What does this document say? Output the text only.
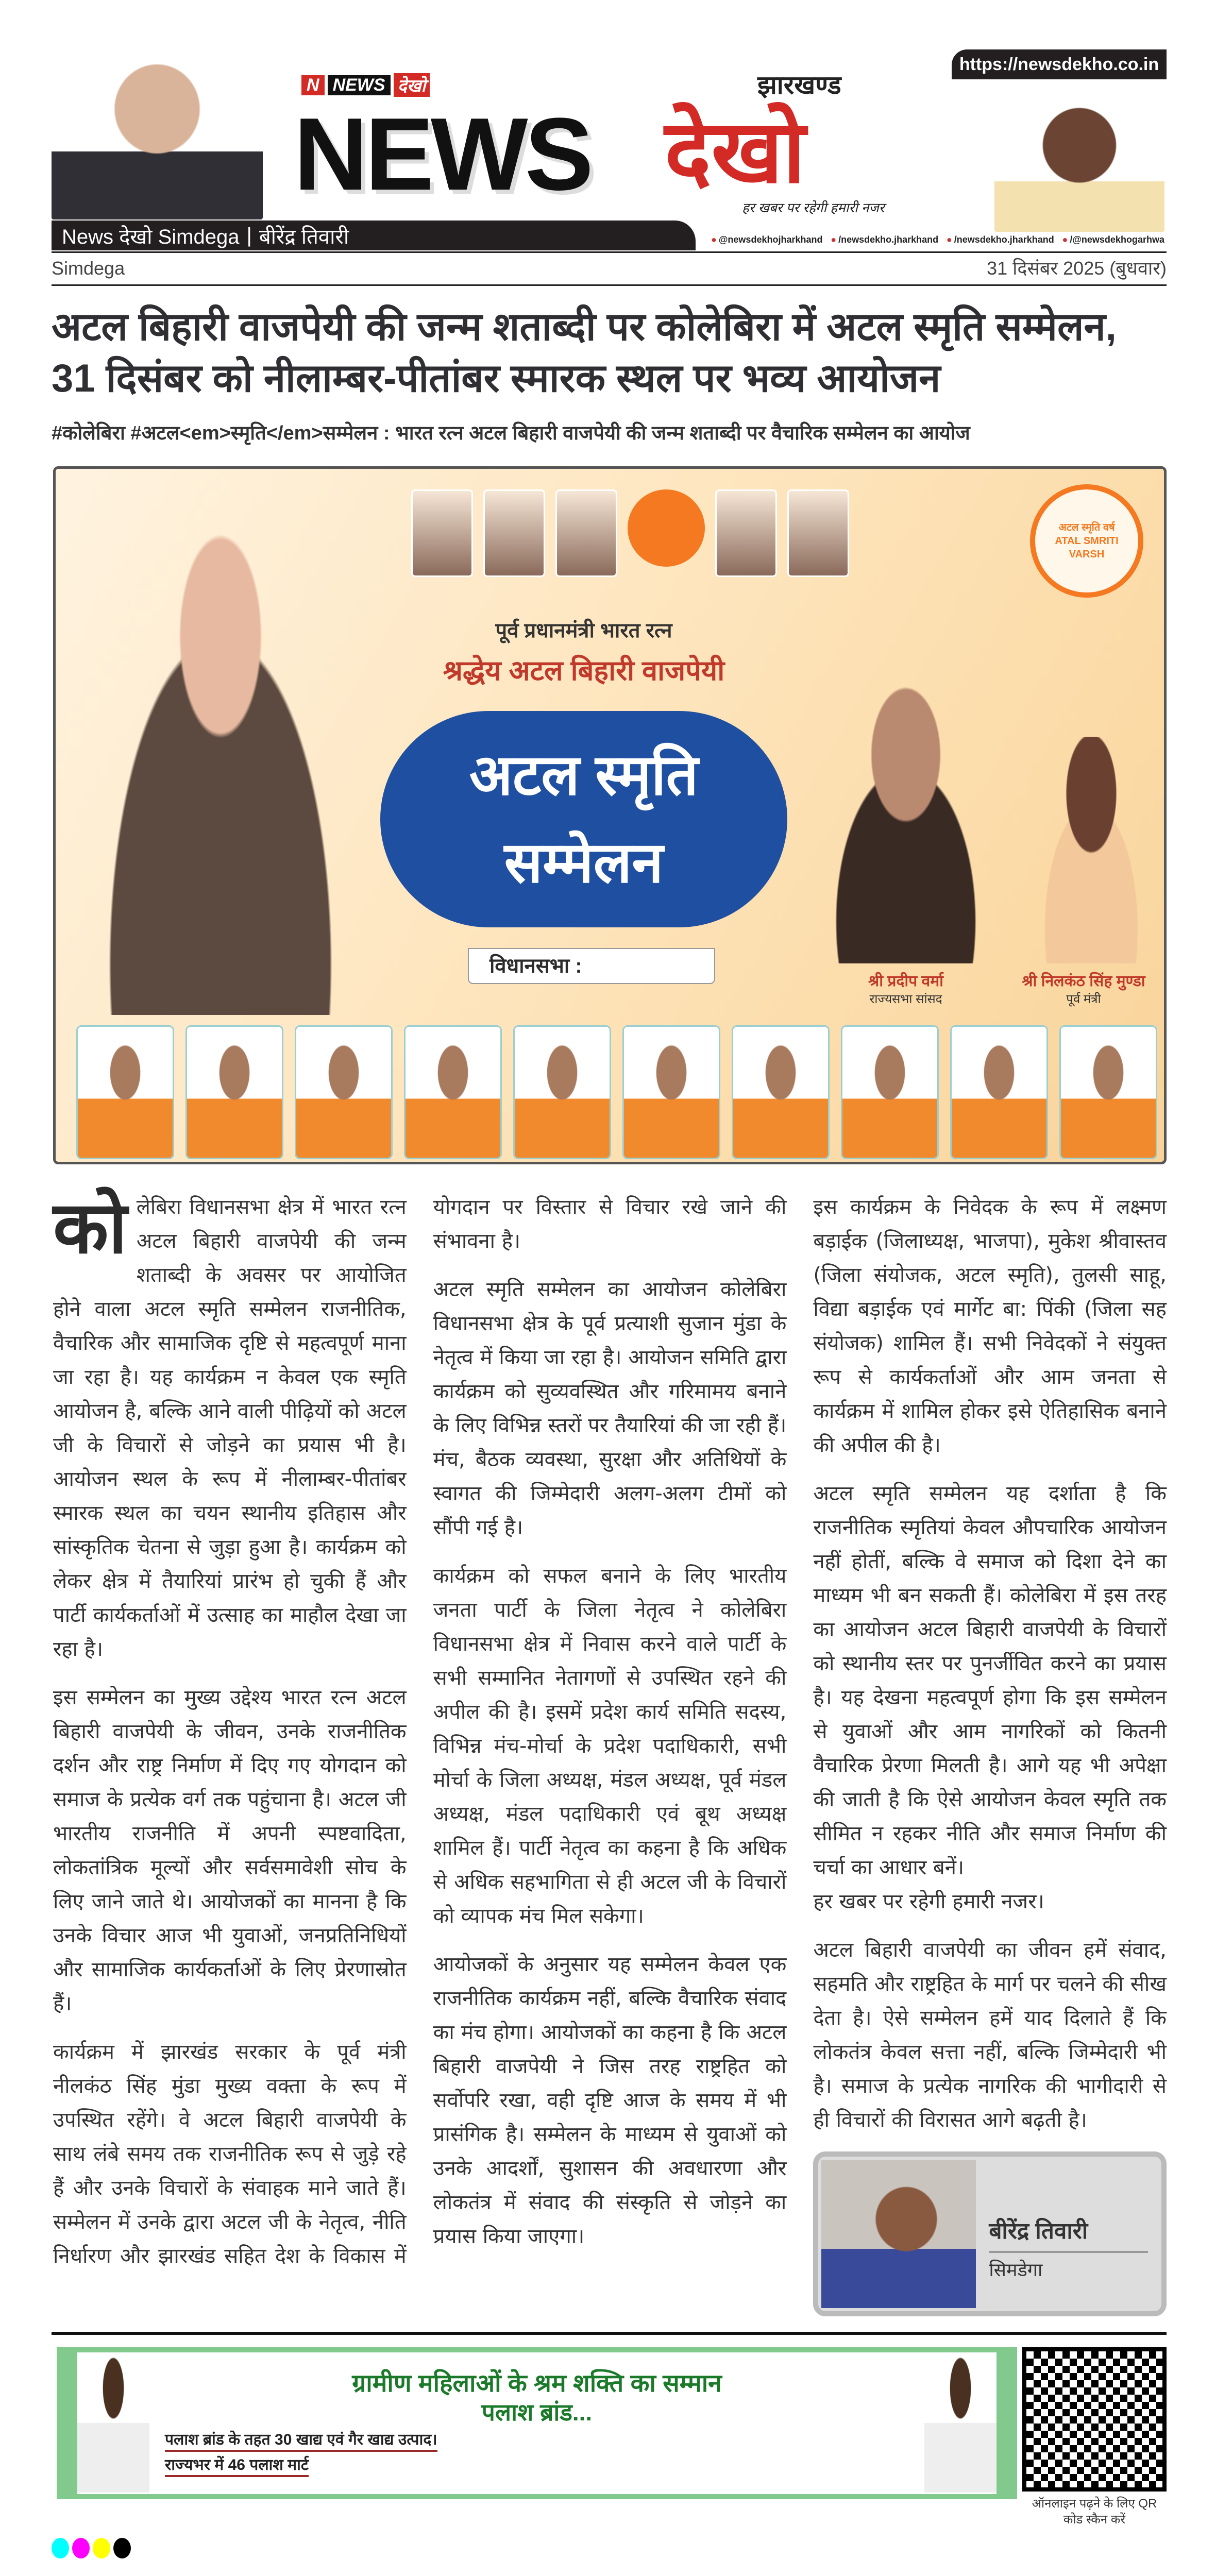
https://newsdekho.co.in
N NEWS देखो
NEWS देखो
झारखण्ड
हर खबर पर रहेगी हमारी नजर
News देखो Simdega | बीरेंद्र तिवारी	● @newsdekhojharkhand	● /newsdekho.jharkhand	● /newsdekho.jharkhand	● /@newsdekhogarhwa
Simdega	31 दिसंबर 2025 (बुधवार)
अटल बिहारी वाजपेयी की जन्म शताब्दी पर कोलेबिरा में अटल स्मृति सम्मेलन, 31 दिसंबर को नीलाम्बर-पीतांबर स्मारक स्थल पर भव्य आयोजन
#कोलेबिरा #अटल<em>स्मृति</em>सम्मेलन : भारत रत्न अटल बिहारी वाजपेयी की जन्म शताब्दी पर वैचारिक सम्मेलन का आयोज
अटल स्मृति वर्ष
ATAL SMRITI VARSH
पूर्व प्रधानमंत्री भारत रत्न
श्रद्धेय अटल बिहारी वाजपेयी
अटल स्मृति
सम्मेलन
विधानसभा :
श्री प्रदीप वर्मा
राज्यसभा सांसद
श्री निलकंठ सिंह मुण्डा
पूर्व मंत्री

कोलेबिरा विधानसभा क्षेत्र में भारत रत्न अटल बिहारी वाजपेयी की जन्म शताब्दी के अवसर पर आयोजित होने वाला अटल स्मृति सम्मेलन राजनीतिक, वैचारिक और सामाजिक दृष्टि से महत्वपूर्ण माना जा रहा है। यह कार्यक्रम न केवल एक स्मृति आयोजन है, बल्कि आने वाली पीढ़ियों को अटल जी के विचारों से जोड़ने का प्रयास भी है। आयोजन स्थल के रूप में नीलाम्बर-पीतांबर स्मारक स्थल का चयन स्थानीय इतिहास और सांस्कृतिक चेतना से जुड़ा हुआ है। कार्यक्रम को लेकर क्षेत्र में तैयारियां प्रारंभ हो चुकी हैं और पार्टी कार्यकर्ताओं में उत्साह का माहौल देखा जा रहा है।

इस सम्मेलन का मुख्य उद्देश्य भारत रत्न अटल बिहारी वाजपेयी के जीवन, उनके राजनीतिक दर्शन और राष्ट्र निर्माण में दिए गए योगदान को समाज के प्रत्येक वर्ग तक पहुंचाना है। अटल जी भारतीय राजनीति में अपनी स्पष्टवादिता, लोकतांत्रिक मूल्यों और सर्वसमावेशी सोच के लिए जाने जाते थे। आयोजकों का मानना है कि उनके विचार आज भी युवाओं, जनप्रतिनिधियों और सामाजिक कार्यकर्ताओं के लिए प्रेरणास्रोत हैं।

कार्यक्रम में झारखंड सरकार के पूर्व मंत्री नीलकंठ सिंह मुंडा मुख्य वक्ता के रूप में उपस्थित रहेंगे। वे अटल बिहारी वाजपेयी के साथ लंबे समय तक राजनीतिक रूप से जुड़े रहे हैं और उनके विचारों के संवाहक माने जाते हैं। सम्मेलन में उनके द्वारा अटल जी के नेतृत्व, नीति निर्धारण और झारखंड सहित देश के विकास में योगदान पर विस्तार से विचार रखे जाने की संभावना है।

अटल स्मृति सम्मेलन का आयोजन कोलेबिरा विधानसभा क्षेत्र के पूर्व प्रत्याशी सुजान मुंडा के नेतृत्व में किया जा रहा है। आयोजन समिति द्वारा कार्यक्रम को सुव्यवस्थित और गरिमामय बनाने के लिए विभिन्न स्तरों पर तैयारियां की जा रही हैं। मंच, बैठक व्यवस्था, सुरक्षा और अतिथियों के स्वागत की जिम्मेदारी अलग-अलग टीमों को सौंपी गई है।

कार्यक्रम को सफल बनाने के लिए भारतीय जनता पार्टी के जिला नेतृत्व ने कोलेबिरा विधानसभा क्षेत्र में निवास करने वाले पार्टी के सभी सम्मानित नेतागणों से उपस्थित रहने की अपील की है। इसमें प्रदेश कार्य समिति सदस्य, विभिन्न मंच-मोर्चा के प्रदेश पदाधिकारी, सभी मोर्चा के जिला अध्यक्ष, मंडल अध्यक्ष, पूर्व मंडल अध्यक्ष, मंडल पदाधिकारी एवं बूथ अध्यक्ष शामिल हैं। पार्टी नेतृत्व का कहना है कि अधिक से अधिक सहभागिता से ही अटल जी के विचारों को व्यापक मंच मिल सकेगा।

आयोजकों के अनुसार यह सम्मेलन केवल एक राजनीतिक कार्यक्रम नहीं, बल्कि वैचारिक संवाद का मंच होगा। आयोजकों का कहना है कि अटल बिहारी वाजपेयी ने जिस तरह राष्ट्रहित को सर्वोपरि रखा, वही दृष्टि आज के समय में भी प्रासंगिक है। सम्मेलन के माध्यम से युवाओं को उनके आदर्शों, सुशासन की अवधारणा और लोकतंत्र में संवाद की संस्कृति से जोड़ने का प्रयास किया जाएगा।

इस कार्यक्रम के निवेदक के रूप में लक्ष्मण बड़ाईक (जिलाध्यक्ष, भाजपा), मुकेश श्रीवास्तव (जिला संयोजक, अटल स्मृति), तुलसी साहू, विद्या बड़ाईक एवं मार्गेट बा: पिंकी (जिला सह संयोजक) शामिल हैं। सभी निवेदकों ने संयुक्त रूप से कार्यकर्ताओं और आम जनता से कार्यक्रम में शामिल होकर इसे ऐतिहासिक बनाने की अपील की है।

अटल स्मृति सम्मेलन यह दर्शाता है कि राजनीतिक स्मृतियां केवल औपचारिक आयोजन नहीं होतीं, बल्कि वे समाज को दिशा देने का माध्यम भी बन सकती हैं। कोलेबिरा में इस तरह का आयोजन अटल बिहारी वाजपेयी के विचारों को स्थानीय स्तर पर पुनर्जीवित करने का प्रयास है। यह देखना महत्वपूर्ण होगा कि इस सम्मेलन से युवाओं और आम नागरिकों को कितनी वैचारिक प्रेरणा मिलती है। आगे यह भी अपेक्षा की जाती है कि ऐसे आयोजन केवल स्मृति तक सीमित न रहकर नीति और समाज निर्माण की चर्चा का आधार बनें।

हर खबर पर रहेगी हमारी नजर।

अटल बिहारी वाजपेयी का जीवन हमें संवाद, सहमति और राष्ट्रहित के मार्ग पर चलने की सीख देता है। ऐसे सम्मेलन हमें याद दिलाते हैं कि लोकतंत्र केवल सत्ता नहीं, बल्कि जिम्मेदारी भी है। समाज के प्रत्येक नागरिक की भागीदारी से ही विचारों की विरासत आगे बढ़ती है।

बीरेंद्र तिवारी
सिमडेगा
ग्रामीण महिलाओं के श्रम शक्ति का सम्मान
पलाश ब्रांड...
पलाश ब्रांड के तहत 30 खाद्य एवं गैर खाद्य उत्पाद।
राज्यभर में 46 पलाश मार्ट
ऑनलाइन पढ़ने के लिए QR कोड स्कैन करें
